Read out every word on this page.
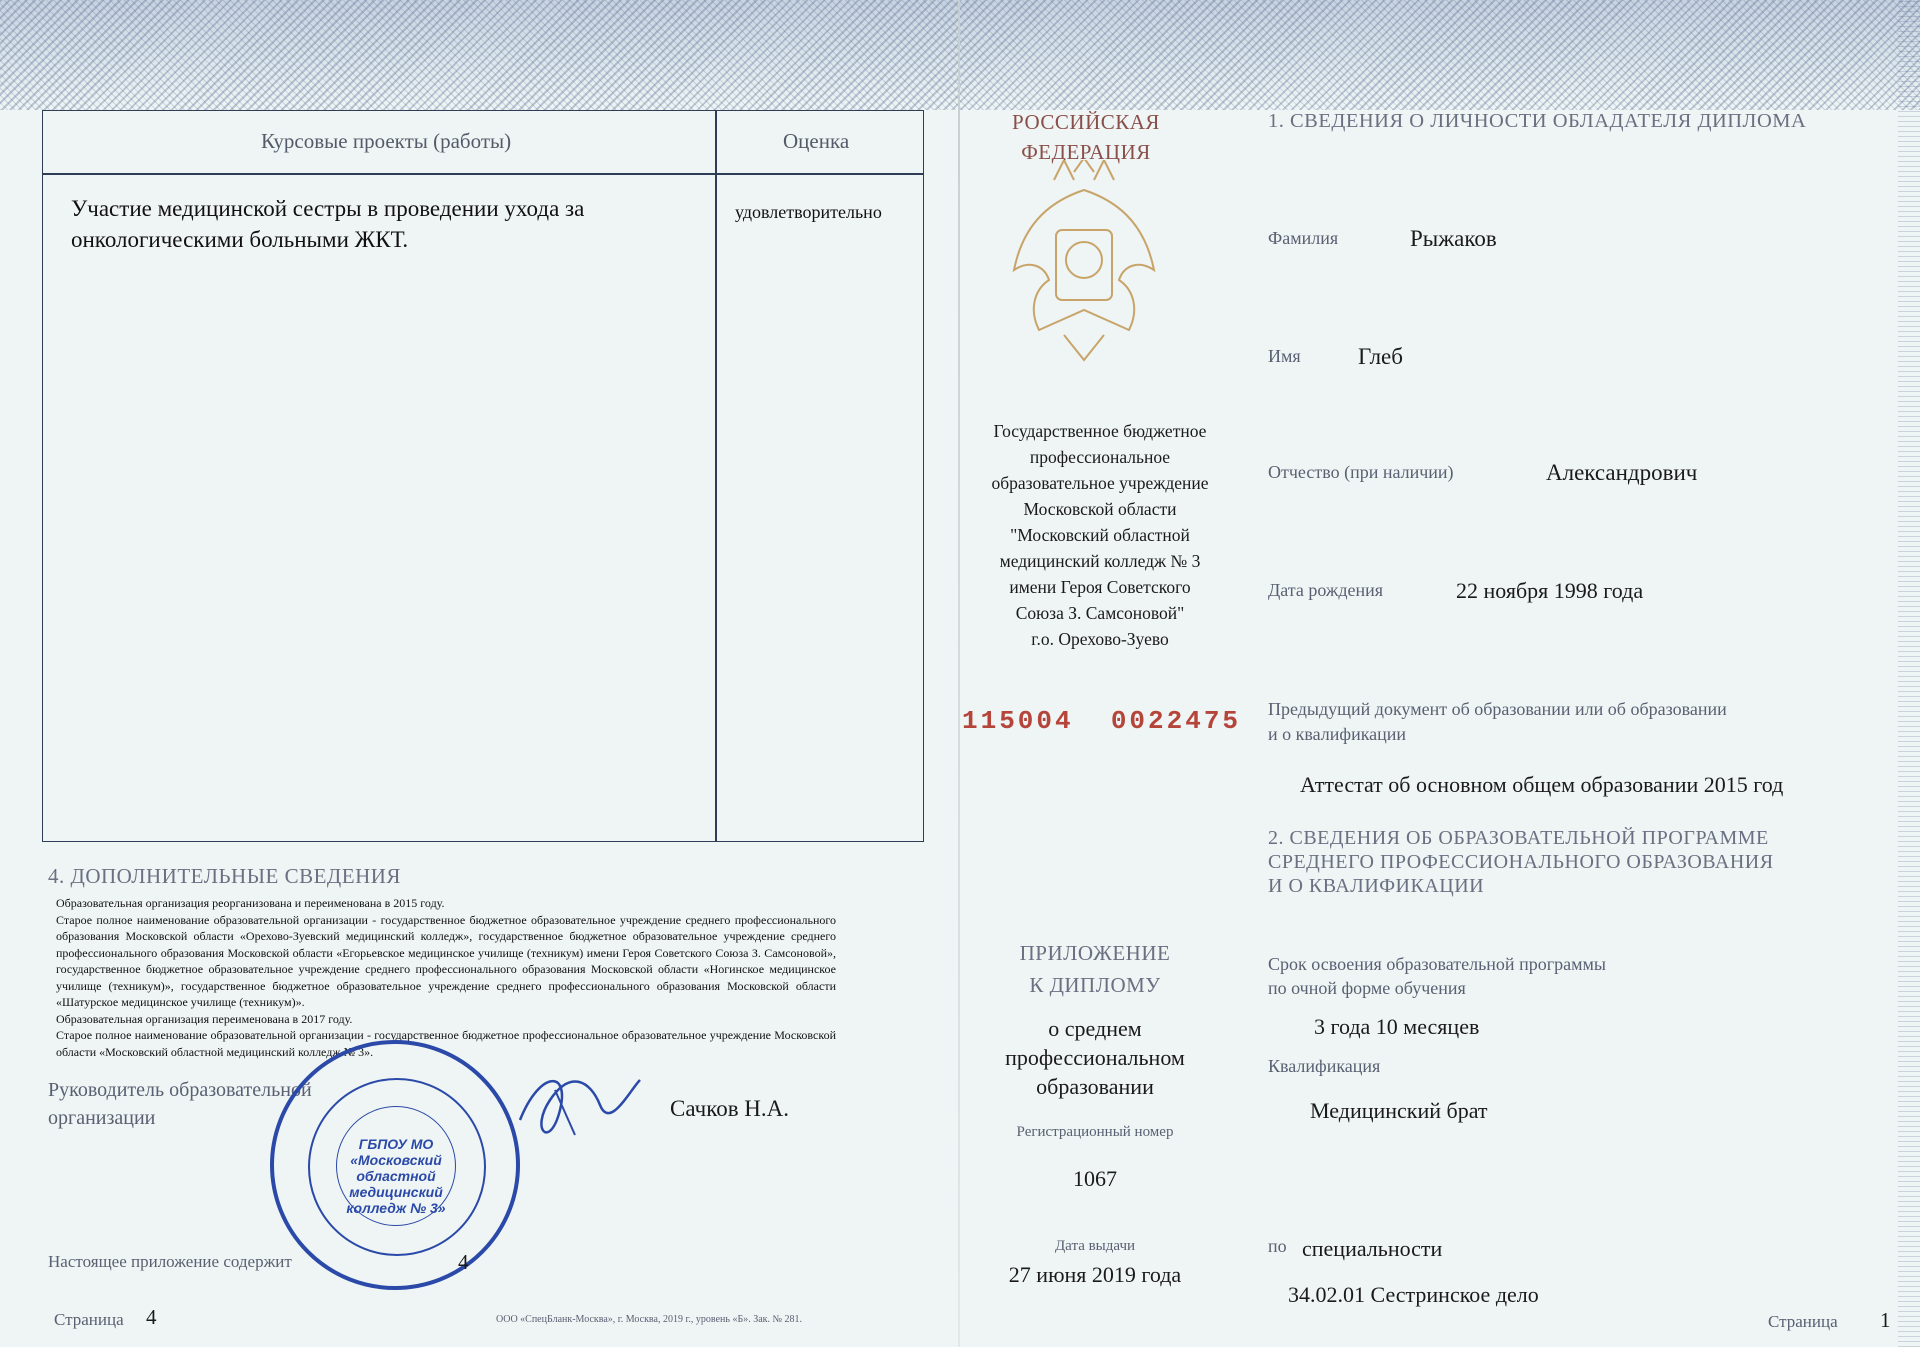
Курсовые проекты (работы)	Оценка
Участие медицинской сестры в проведении ухода за онкологическими больными ЖКТ.
удовлетворительно
4. ДОПОЛНИТЕЛЬНЫЕ СВЕДЕНИЯ

Образовательная организация реорганизована и переименована в 2015 году.

Старое полное наименование образовательной организации - государственное бюджетное образовательное учреждение среднего профессионального образования Московской области «Орехово-Зуевский медицинский колледж», государственное бюджетное образовательное учреждение среднего профессионального образования Московской области «Егорьевское медицинское училище (техникум) имени Героя Советского Союза З. Самсоновой», государственное бюджетное образовательное учреждение среднего профессионального образования Московской области «Ногинское медицинское училище (техникум)», государственное бюджетное образовательное учреждение среднего профессионального образования Московской области «Шатурское медицинское училище (техникум)».

Образовательная организация переименована в 2017 году.

Старое полное наименование образовательной организации - государственное бюджетное профессиональное образовательное учреждение Московской области «Московский областной медицинский колледж № 3».

Руководитель образовательной
организации	Сачков Н.А.
ГБПОУ МО «Московский областной медицинский колледж № 3»
Настоящее приложение содержит	4
Страница 4	ООО «СпецБланк-Москва», г. Москва, 2019 г., уровень «Б». Зак. № 281.
РОССИЙСКАЯ
ФЕДЕРАЦИЯ
Государственное бюджетное
профессиональное
образовательное учреждение
Московской области
"Московский областной
медицинский колледж № 3
имени Героя Советского
Союза З. Самсоновой"
г.о. Орехово-Зуево
115004  0022475
ПРИЛОЖЕНИЕ
К ДИПЛОМУ
о среднем
профессиональном
образовании
Регистрационный номер
1067
Дата выдачи
27 июня 2019 года
1. СВЕДЕНИЯ О ЛИЧНОСТИ ОБЛАДАТЕЛЯ ДИПЛОМА
Фамилия	Рыжаков
Имя Глеб
Отчество (при наличии)	Александрович
Дата рождения	22 ноября 1998 года
Предыдущий документ об образовании или об образовании
и о квалификации
Аттестат об основном общем образовании 2015 год
2. СВЕДЕНИЯ ОБ ОБРАЗОВАТЕЛЬНОЙ ПРОГРАММЕ
СРЕДНЕГО ПРОФЕССИОНАЛЬНОГО ОБРАЗОВАНИЯ
И О КВАЛИФИКАЦИИ
Срок освоения образовательной программы
по очной форме обучения
3 года 10 месяцев
Квалификация
Медицинский брат
по специальности
34.02.01 Сестринское дело
Страница 1
